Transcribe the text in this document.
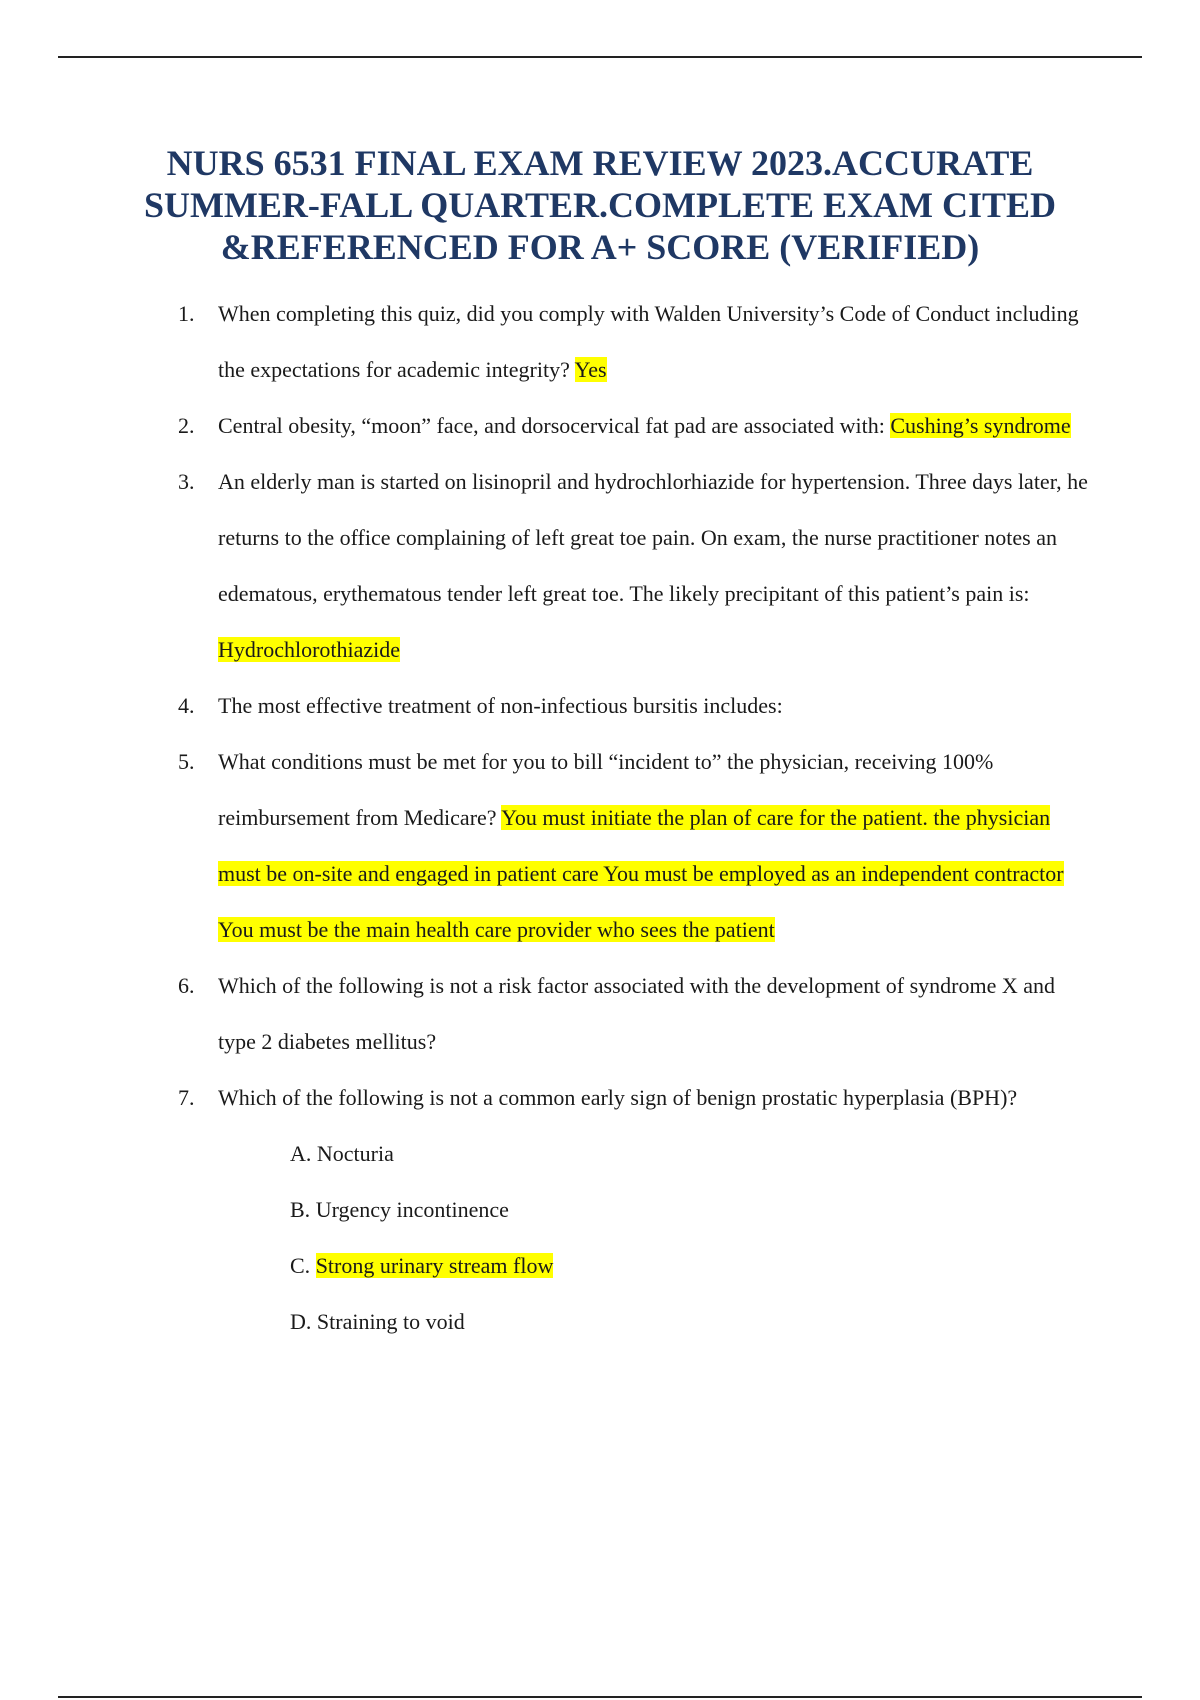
NURS 6531 FINAL EXAM REVIEW 2023.ACCURATE
SUMMER-FALL QUARTER.COMPLETE EXAM CITED
&REFERENCED FOR A+ SCORE (VERIFIED)
1. When completing this quiz, did you comply with Walden University’s Code of Conduct including the expectations for academic integrity? Yes
2. Central obesity, “moon” face, and dorsocervical fat pad are associated with: Cushing’s syndrome
3. An elderly man is started on lisinopril and hydrochlorhiazide for hypertension. Three days later, he returns to the office complaining of left great toe pain. On exam, the nurse practitioner notes an edematous, erythematous tender left great toe. The likely precipitant of this patient’s pain is: Hydrochlorothiazide
4. The most effective treatment of non-infectious bursitis includes:
5. What conditions must be met for you to bill “incident to” the physician, receiving 100% reimbursement from Medicare? You must initiate the plan of care for the patient. the physician must be on-site and engaged in patient care You must be employed as an independent contractor You must be the main health care provider who sees the patient
6. Which of the following is not a risk factor associated with the development of syndrome X and type 2 diabetes mellitus?
7. Which of the following is not a common early sign of benign prostatic hyperplasia (BPH)?
A. Nocturia
B. Urgency incontinence
C. Strong urinary stream flow
D. Straining to void
